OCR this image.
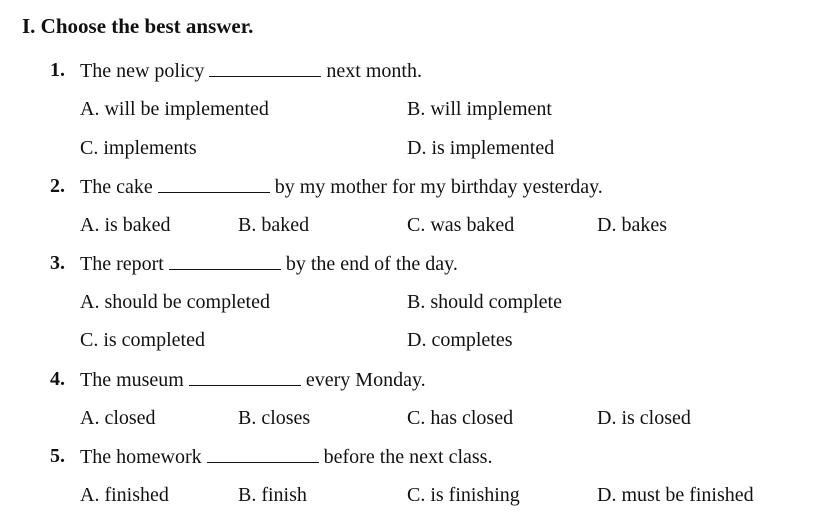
I. Choose the best answer.
1. The new policy	next month.
A. will be implemented	B. will implement
C. implements	D. is implemented
2. The cake	by my mother for my birthday yesterday.
A. is baked	B. baked	C. was baked	D. bakes
3. The report	by the end of the day.
A. should be completed	B. should complete
C. is completed	D. completes
4. The museum	every Monday.
A. closed	B. closes	C. has closed	D. is closed
5. The homework	before the next class.
A. finished	B. finish	C. is finishing	D. must be finished
